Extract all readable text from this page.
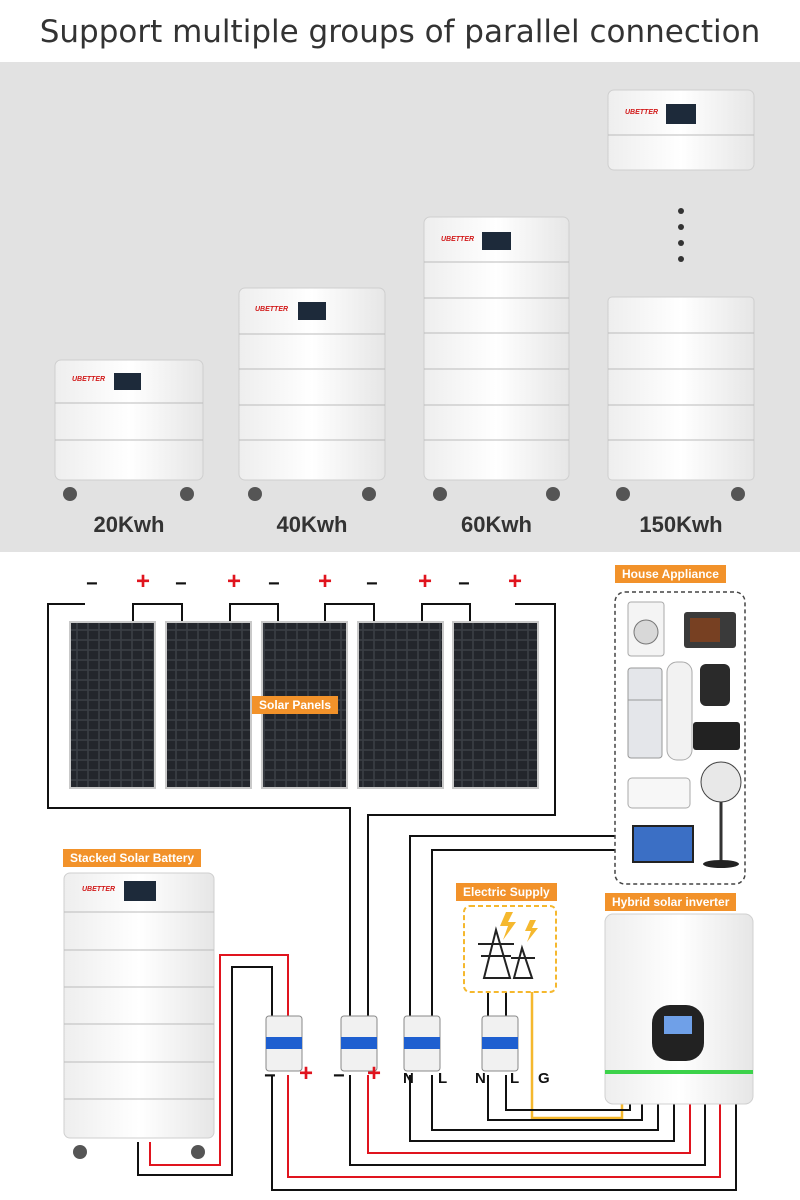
Support multiple groups of parallel connection
20Kwh	40Kwh	60Kwh	150Kwh
Solar Panels
House Appliance
Stacked Solar Battery
Electric Supply
Hybrid solar inverter
− + − + − + − + − +
− + − + N L N L G
UBETTER
UBETTER
UBETTER
UBETTER
UBETTER
